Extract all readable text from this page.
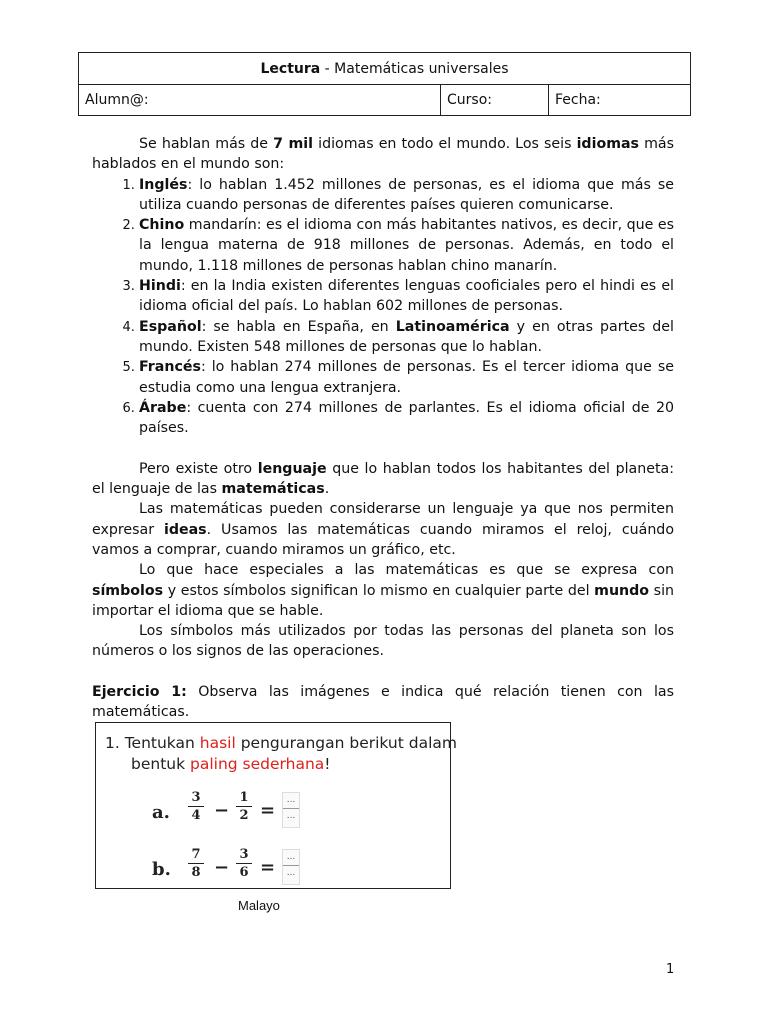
Lectura - Matemáticas universales
Alumn@:	Curso:	Fecha:

Se hablan más de 7 mil idiomas en todo el mundo. Los seis idiomas más hablados en el mundo son:

1. Inglés: lo hablan 1.452 millones de personas, es el idioma que más se utiliza cuando personas de diferentes países quieren comunicarse.
2. Chino mandarín: es el idioma con más habitantes nativos, es decir, que es la lengua materna de 918 millones de personas. Además, en todo el mundo, 1.118 millones de personas hablan chino manarín.
3. Hindi: en la India existen diferentes lenguas cooficiales pero el hindi es el idioma oficial del país. Lo hablan 602 millones de personas.
4. Español: se habla en España, en Latinoamérica y en otras partes del mundo. Existen 548 millones de personas que lo hablan.
5. Francés: lo hablan 274 millones de personas. Es el tercer idioma que se estudia como una lengua extranjera.
6. Árabe: cuenta con 274 millones de parlantes. Es el idioma oficial de 20 países.

Pero existe otro lenguaje que lo hablan todos los habitantes del planeta: el lenguaje de las matemáticas.

Las matemáticas pueden considerarse un lenguaje ya que nos permiten expresar ideas. Usamos las matemáticas cuando miramos el reloj, cuándo vamos a comprar, cuando miramos un gráfico, etc.

Lo que hace especiales a las matemáticas es que se expresa con símbolos y estos símbolos significan lo mismo en cualquier parte del mundo sin importar el idioma que se hable.

Los símbolos más utilizados por todas las personas del planeta son los números o los signos de las operaciones.

Ejercicio 1: Observa las imágenes e indica qué relación tienen con las matemáticas.

1. Tentukan hasil pengurangan berikut dalam
bentuk paling sederhana!
a. $\frac{3}{4} - \frac{1}{2}$ =	...
...
b. $\frac{7}{8} - \frac{3}{6}$ =	...
...
Malayo
1
